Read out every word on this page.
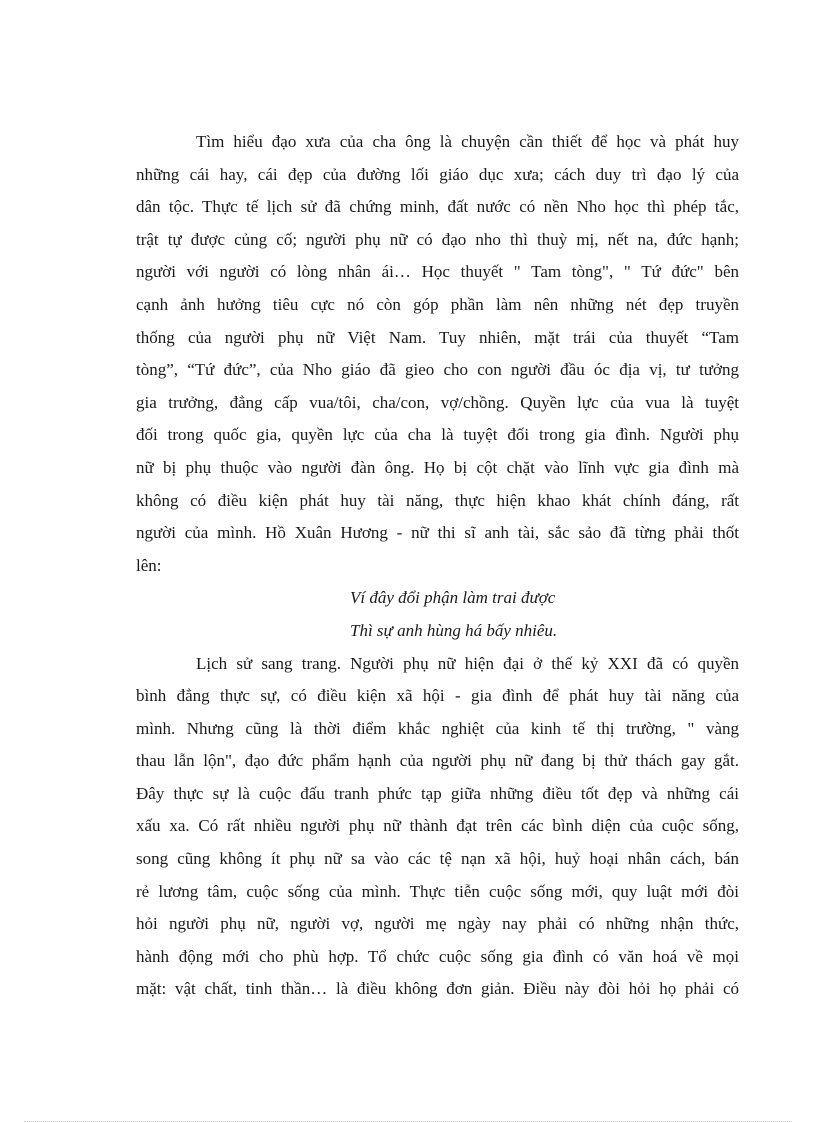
Tìm hiểu đạo xưa của cha ông là chuyện cần thiết để học và phát huy
những cái hay, cái đẹp của đường lối giáo dục xưa; cách duy trì đạo lý của
dân tộc. Thực tế lịch sử đã chứng minh, đất nước có nền Nho học thì phép tắc,
trật tự được củng cố; người phụ nữ có đạo nho thì thuỳ mị, nết na, đức hạnh;
người với người có lòng nhân ái… Học thuyết " Tam tòng", " Tứ đức" bên
cạnh ảnh hưởng tiêu cực nó còn góp phần làm nên những nét đẹp truyền
thống của người phụ nữ Việt Nam. Tuy nhiên, mặt trái của thuyết “Tam
tòng”, “Tứ đức”, của Nho giáo đã gieo cho con người đầu óc địa vị, tư tưởng
gia trưởng, đẳng cấp vua/tôi, cha/con, vợ/chồng. Quyền lực của vua là tuyệt
đối trong quốc gia, quyền lực của cha là tuyệt đối trong gia đình. Người phụ
nữ bị phụ thuộc vào người đàn ông. Họ bị cột chặt vào lĩnh vực gia đình mà
không có điều kiện phát huy tài năng, thực hiện khao khát chính đáng, rất
người của mình. Hồ Xuân Hương - nữ thi sĩ anh tài, sắc sảo đã từng phải thốt
lên:
Ví đây đổi phận làm trai được
Thì sự anh hùng há bấy nhiêu.
Lịch sử sang trang. Người phụ nữ hiện đại ở thế kỷ XXI đã có quyền
bình đẳng thực sự, có điều kiện xã hội - gia đình để phát huy tài năng của
mình. Nhưng cũng là thời điểm khắc nghiệt của kinh tế thị trường, " vàng
thau lẫn lộn", đạo đức phẩm hạnh của người phụ nữ đang bị thử thách gay gắt.
Đây thực sự là cuộc đấu tranh phức tạp giữa những điều tốt đẹp và những cái
xấu xa. Có rất nhiều người phụ nữ thành đạt trên các bình diện của cuộc sống,
song cũng không ít phụ nữ sa vào các tệ nạn xã hội, huỷ hoại nhân cách, bán
rẻ lương tâm, cuộc sống của mình. Thực tiễn cuộc sống mới, quy luật mới đòi
hỏi người phụ nữ, người vợ, người mẹ ngày nay phải có những nhận thức,
hành động mới cho phù hợp. Tổ chức cuộc sống gia đình có văn hoá về mọi
mặt: vật chất, tinh thần… là điều không đơn giản. Điều này đòi hỏi họ phải có
